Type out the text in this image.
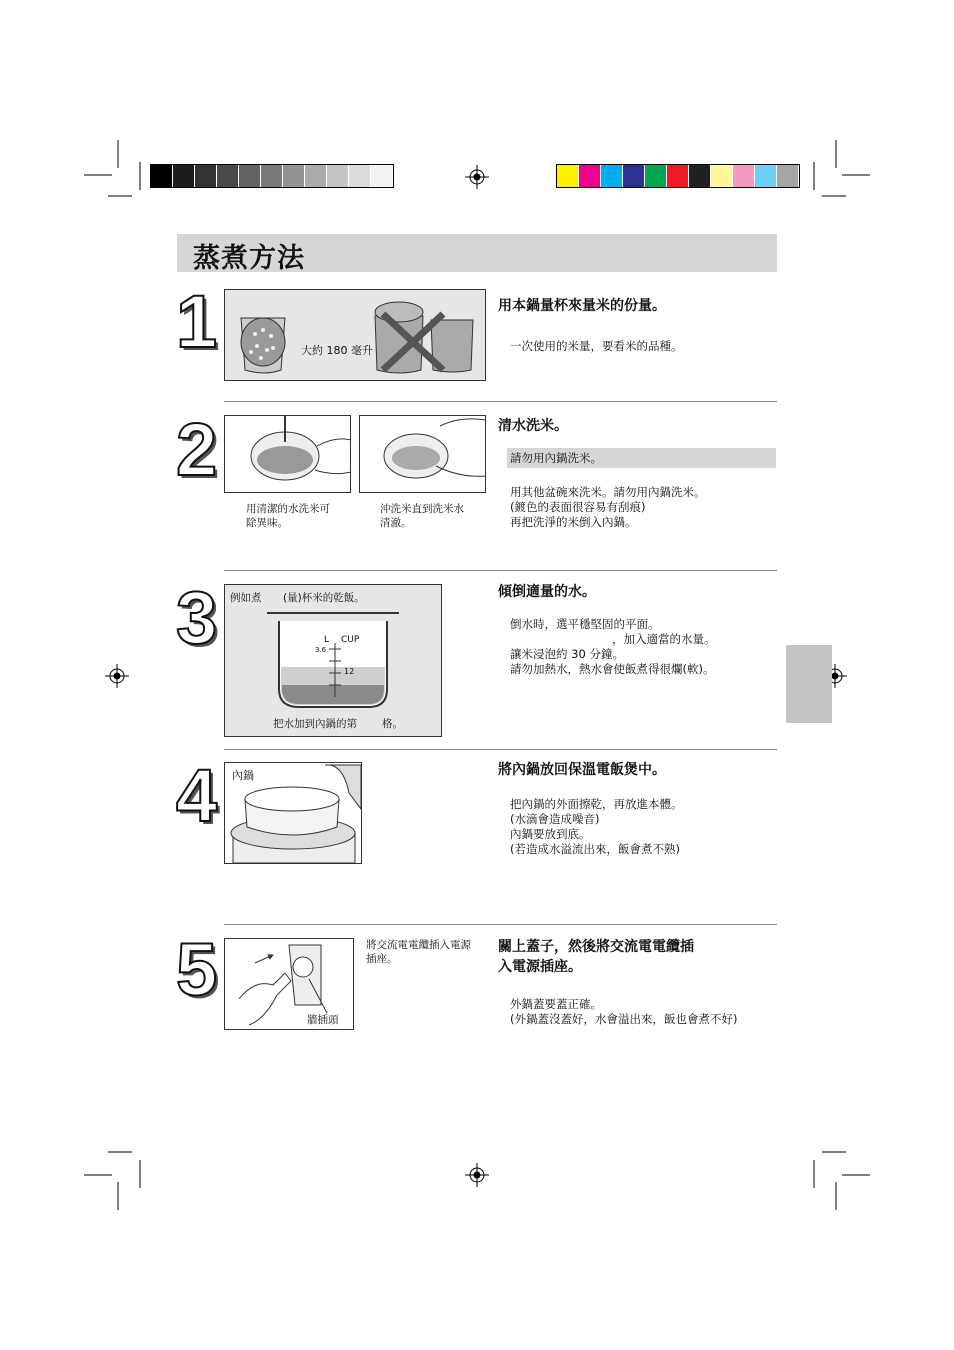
蒸煮方法
1	大約 180 毫升
用本鍋量杯來量米的份量。
一次使用的米量，要看米的品種。
2
用清潔的水洗米可
除異味。
沖洗米直到洗米水
清澈。
清水洗米。
請勿用內鍋洗米。
用其他盆碗來洗米。請勿用內鍋洗米。
(鍍色的表面很容易有刮痕)
再把洗淨的米倒入內鍋。
3 例如煮 (量)杯米的乾飯。
L
3.6
CUP
12
把水加到內鍋的第 格。
傾倒適量的水。
倒水時，選平穩堅固的平面。
，加入適當的水量。
讓米浸泡約 30 分鐘。
請勿加熱水，熱水會使飯煮得很爛(軟)。
4 內鍋	將內鍋放回保溫電飯煲中。
把內鍋的外面擦乾，再放進本體。
(水滴會造成噪音)
內鍋要放到底。
(若造成水溢流出來，飯會煮不熟)
5
牆插頭
將交流電電纜插入電源
插座。
關上蓋子，然後將交流電電纜插
入電源插座。
外鍋蓋要蓋正確。
(外鍋蓋沒蓋好，水會溢出來，飯也會煮不好)
